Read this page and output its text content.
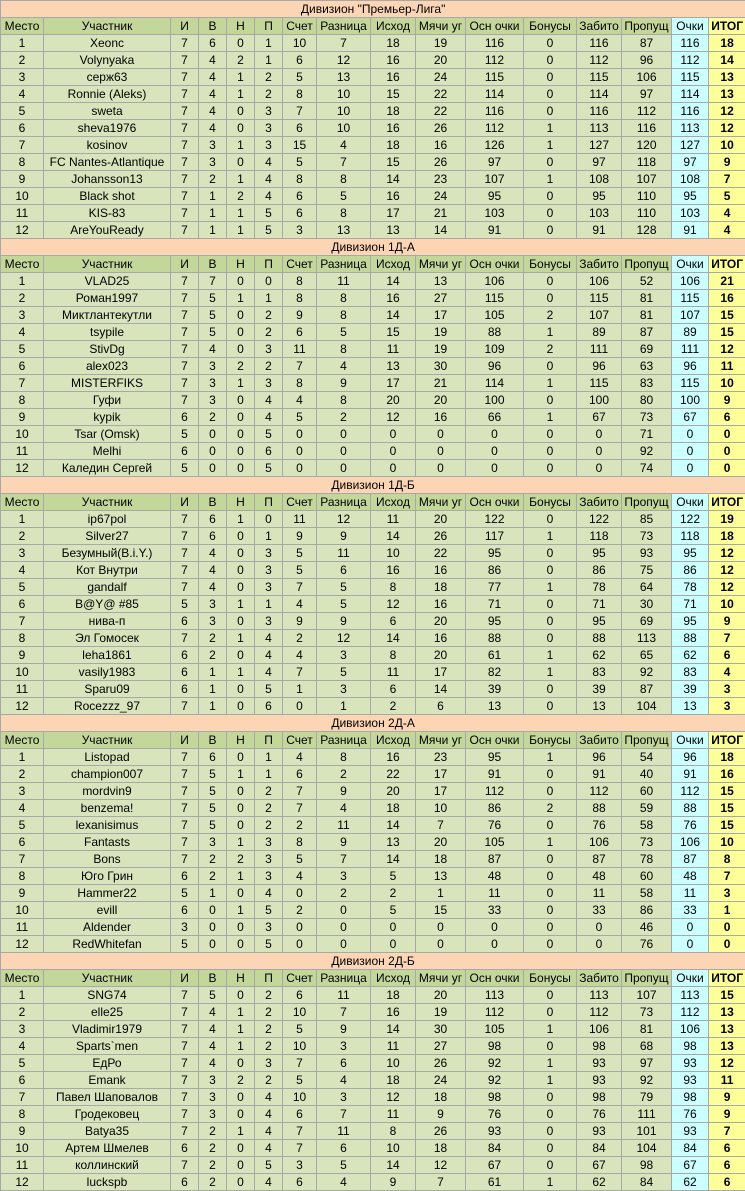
Дивизион "Премьер-Лига"															
Место	Участник	И	В	Н	П	Счет	Разница	Исход	Мячи уг	Осн очки	Бонусы	Забито	Пропущ	Очки	ИТОГ
1	Xeonc	7	6	0	1	10	7	18	19	116	0	116	87	116	18
2	Volynyaka	7	4	2	1	6	12	16	20	112	0	112	96	112	14
3	серж63	7	4	1	2	5	13	16	24	115	0	115	106	115	13
4	Ronnie (Aleks)	7	4	1	2	8	10	15	22	114	0	114	97	114	13
5	sweta	7	4	0	3	7	10	18	22	116	0	116	112	116	12
6	sheva1976	7	4	0	3	6	10	16	26	112	1	113	116	113	12
7	kosinov	7	3	1	3	15	4	18	16	126	1	127	120	127	10
8	FC Nantes-Atlantique	7	3	0	4	5	7	15	26	97	0	97	118	97	9
9	Johansson13	7	2	1	4	8	8	14	23	107	1	108	107	108	7
10	Black shot	7	1	2	4	6	5	16	24	95	0	95	110	95	5
11	KIS-83	7	1	1	5	6	8	17	21	103	0	103	110	103	4
12	AreYouReady	7	1	1	5	3	13	13	14	91	0	91	128	91	4
Дивизион 1Д-А															
Место	Участник	И	В	Н	П	Счет	Разница	Исход	Мячи уг	Осн очки	Бонусы	Забито	Пропущ	Очки	ИТОГ
1	VLAD25	7	7	0	0	8	11	14	13	106	0	106	52	106	21
2	Роман1997	7	5	1	1	8	8	16	27	115	0	115	81	115	16
3	Миктлантекутли	7	5	0	2	9	8	14	17	105	2	107	81	107	15
4	tsypile	7	5	0	2	6	5	15	19	88	1	89	87	89	15
5	StivDg	7	4	0	3	11	8	11	19	109	2	111	69	111	12
6	alex023	7	3	2	2	7	4	13	30	96	0	96	63	96	11
7	MISTERFIKS	7	3	1	3	8	9	17	21	114	1	115	83	115	10
8	Гуфи	7	3	0	4	4	8	20	20	100	0	100	80	100	9
9	kypik	6	2	0	4	5	2	12	16	66	1	67	73	67	6
10	Tsar (Omsk)	5	0	0	5	0	0	0	0	0	0	0	71	0	0
11	Melhi	6	0	0	6	0	0	0	0	0	0	0	92	0	0
12	Каледин Сергей	5	0	0	5	0	0	0	0	0	0	0	74	0	0
Дивизион 1Д-Б															
Место	Участник	И	В	Н	П	Счет	Разница	Исход	Мячи уг	Осн очки	Бонусы	Забито	Пропущ	Очки	ИТОГ
1	ip67pol	7	6	1	0	11	12	11	20	122	0	122	85	122	19
2	Silver27	7	6	0	1	9	9	14	26	117	1	118	73	118	18
3	Безумный(B.i.Y.)	7	4	0	3	5	11	10	22	95	0	95	93	95	12
4	Кот Внутри	7	4	0	3	5	6	16	16	86	0	86	75	86	12
5	gandalf	7	4	0	3	7	5	8	18	77	1	78	64	78	12
6	B@Y@ #85	5	3	1	1	4	5	12	16	71	0	71	30	71	10
7	нива-п	6	3	0	3	9	9	6	20	95	0	95	69	95	9
8	Эл Гомосек	7	2	1	4	2	12	14	16	88	0	88	113	88	7
9	leha1861	6	2	0	4	4	3	8	20	61	1	62	65	62	6
10	vasily1983	6	1	1	4	7	5	11	17	82	1	83	92	83	4
11	Sparu09	6	1	0	5	1	3	6	14	39	0	39	87	39	3
12	Rocezzz_97	7	1	0	6	0	1	2	6	13	0	13	104	13	3
Дивизион 2Д-А															
Место	Участник	И	В	Н	П	Счет	Разница	Исход	Мячи уг	Осн очки	Бонусы	Забито	Пропущ	Очки	ИТОГ
1	Listopad	7	6	0	1	4	8	16	23	95	1	96	54	96	18
2	champion007	7	5	1	1	6	2	22	17	91	0	91	40	91	16
3	mordvin9	7	5	0	2	7	9	20	17	112	0	112	60	112	15
4	benzema!	7	5	0	2	7	4	18	10	86	2	88	59	88	15
5	lexanisimus	7	5	0	2	2	11	14	7	76	0	76	58	76	15
6	Fantasts	7	3	1	3	8	9	13	20	105	1	106	73	106	10
7	Bons	7	2	2	3	5	7	14	18	87	0	87	78	87	8
8	Юго Грин	6	2	1	3	4	3	5	13	48	0	48	60	48	7
9	Hammer22	5	1	0	4	0	2	2	1	11	0	11	58	11	3
10	evill	6	0	1	5	2	0	5	15	33	0	33	86	33	1
11	Aldender	3	0	0	3	0	0	0	0	0	0	0	46	0	0
12	RedWhitefan	5	0	0	5	0	0	0	0	0	0	0	76	0	0
Дивизион 2Д-Б															
Место	Участник	И	В	Н	П	Счет	Разница	Исход	Мячи уг	Осн очки	Бонусы	Забито	Пропущ	Очки	ИТОГ
1	SNG74	7	5	0	2	6	11	18	20	113	0	113	107	113	15
2	elle25	7	4	1	2	10	7	16	19	112	0	112	73	112	13
3	Vladimir1979	7	4	1	2	5	9	14	30	105	1	106	81	106	13
4	Sparts`men	7	4	1	2	10	3	11	27	98	0	98	68	98	13
5	ЕдРо	7	4	0	3	7	6	10	26	92	1	93	97	93	12
6	Emank	7	3	2	2	5	4	18	24	92	1	93	92	93	11
7	Павел Шаповалов	7	3	0	4	10	3	12	18	98	0	98	79	98	9
8	Гродековец	7	3	0	4	6	7	11	9	76	0	76	111	76	9
9	Batya35	7	2	1	4	7	11	8	26	93	0	93	101	93	7
10	Артем Шмелев	6	2	0	4	7	6	10	18	84	0	84	104	84	6
11	коллинский	7	2	0	5	3	5	14	12	67	0	67	98	67	6
12	luckspb	6	2	0	4	6	4	9	7	61	1	62	84	62	6
